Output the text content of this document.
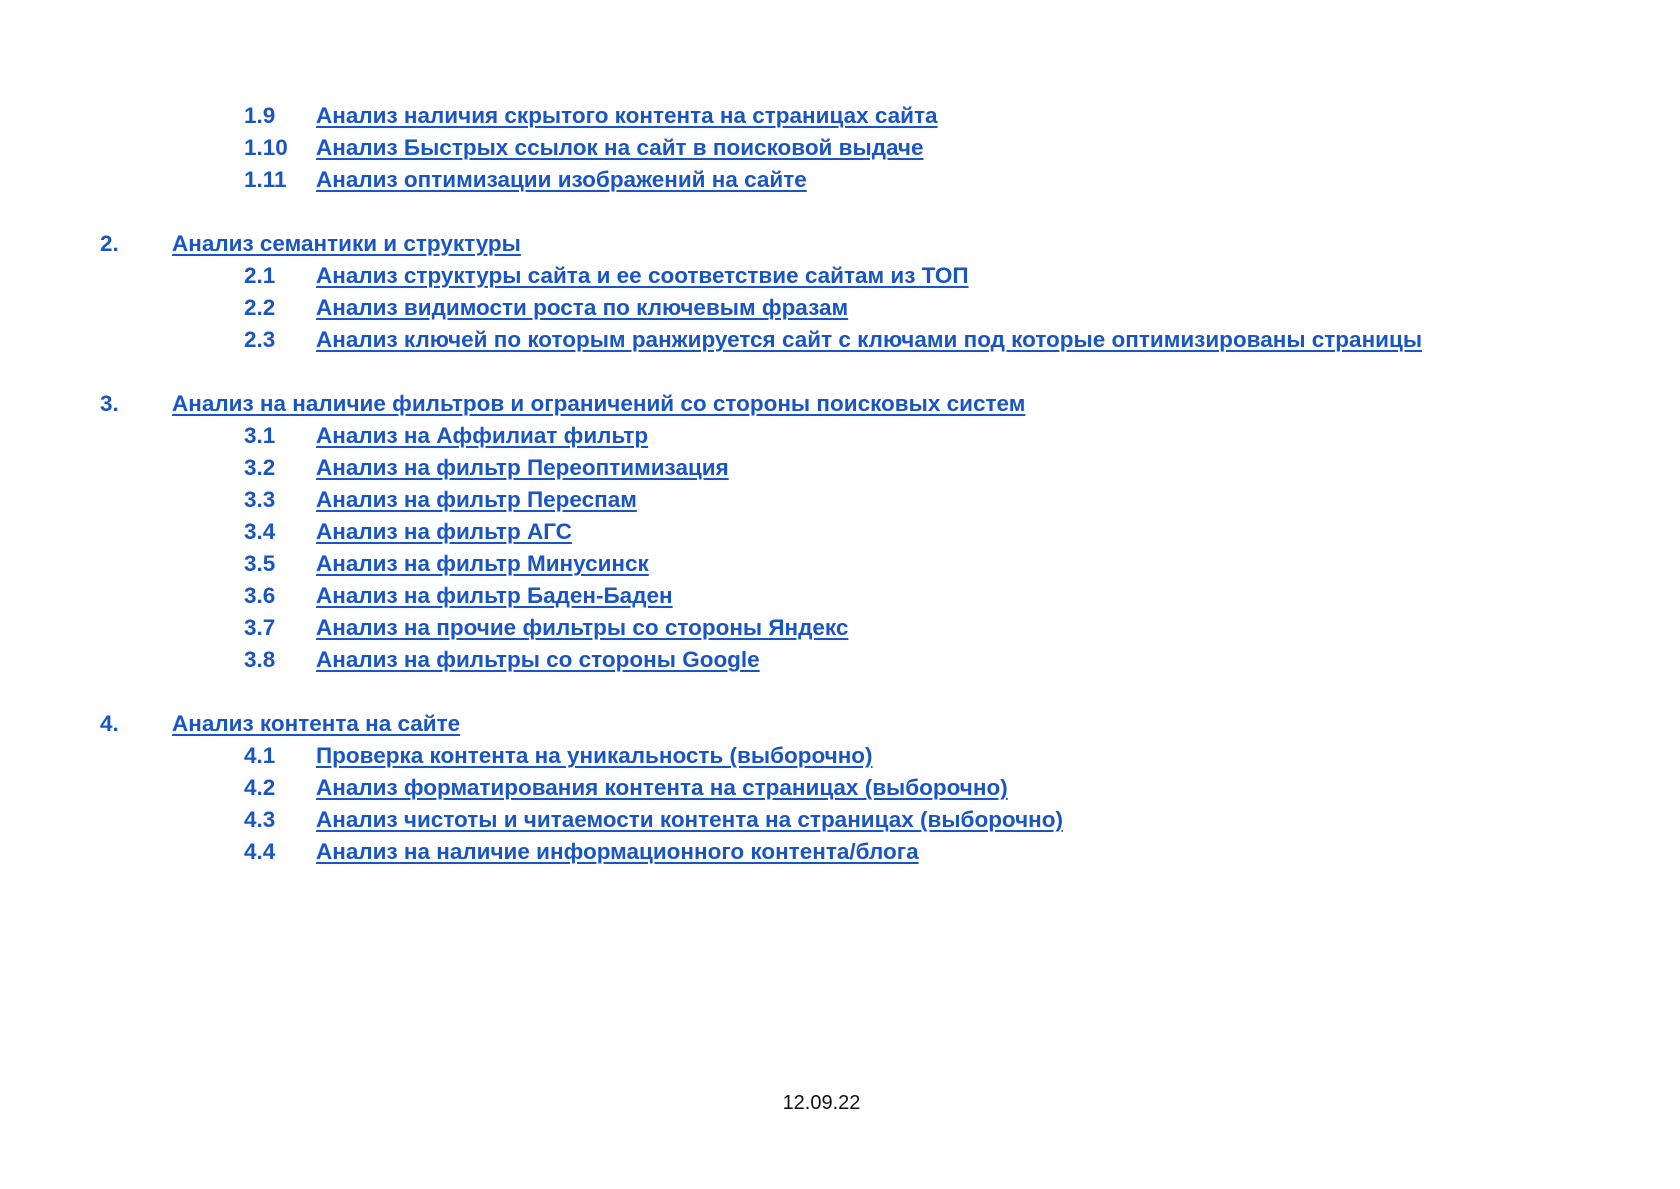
1.9 Анализ наличия скрытого контента на страницах сайта
1.10 Анализ Быстрых ссылок на сайт в поисковой выдаче
1.11 Анализ оптимизации изображений на сайте
2. Анализ семантики и структуры
2.1 Анализ структуры сайта и ее соответствие сайтам из ТОП
2.2 Анализ видимости роста по ключевым фразам
2.3 Анализ ключей по которым ранжируется сайт с ключами под которые оптимизированы страницы
3. Анализ на наличие фильтров и ограничений со стороны поисковых систем
3.1 Анализ на Аффилиат фильтр
3.2 Анализ на фильтр Переоптимизация
3.3 Анализ на фильтр Переспам
3.4 Анализ на фильтр АГС
3.5 Анализ на фильтр Минусинск
3.6 Анализ на фильтр Баден-Баден
3.7 Анализ на прочие фильтры со стороны Яндекс
3.8 Анализ на фильтры со стороны Google
4. Анализ контента на сайте
4.1 Проверка контента на уникальность (выборочно)
4.2 Анализ форматирования контента на страницах (выборочно)
4.3 Анализ чистоты и читаемости контента на страницах (выборочно)
4.4 Анализ на наличие информационного контента/блога
12.09.22
